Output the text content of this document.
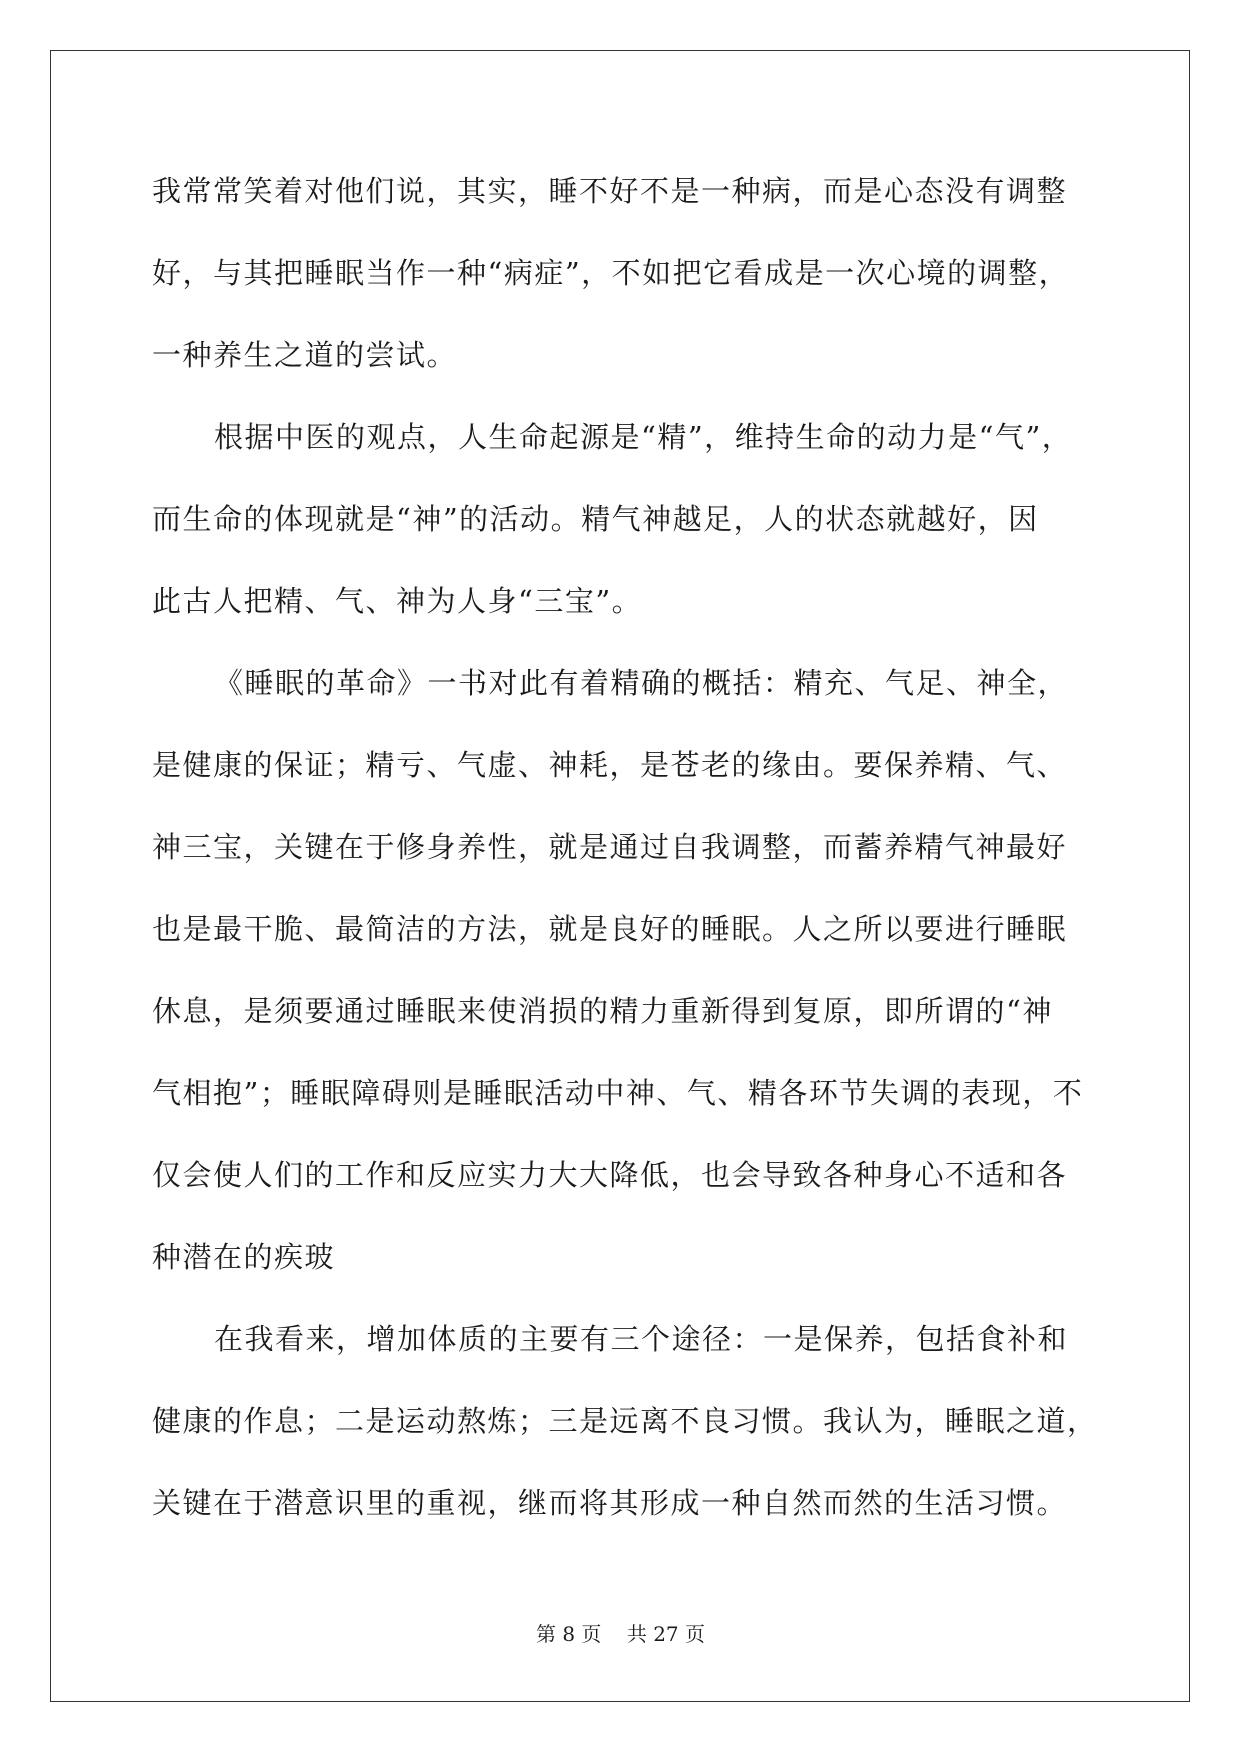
我常常笑着对他们说，其实，睡不好不是一种病，而是心态没有调整
好，与其把睡眠当作一种“病症”，不如把它看成是一次心境的调整，
一种养生之道的尝试。
根据中医的观点，人生命起源是“精”，维持生命的动力是“气”，
而生命的体现就是“神”的活动。精气神越足，人的状态就越好，因
此古人把精、气、神为人身“三宝”。
《睡眠的革命》一书对此有着精确的概括：精充、气足、神全，
是健康的保证；精亏、气虚、神耗，是苍老的缘由。要保养精、气、
神三宝，关键在于修身养性，就是通过自我调整，而蓄养精气神最好
也是最干脆、最简洁的方法，就是良好的睡眠。人之所以要进行睡眠
休息，是须要通过睡眠来使消损的精力重新得到复原，即所谓的“神
气相抱”；睡眠障碍则是睡眠活动中神、气、精各环节失调的表现，不
仅会使人们的工作和反应实力大大降低，也会导致各种身心不适和各
种潜在的疾玻
在我看来，增加体质的主要有三个途径：一是保养，包括食补和
健康的作息；二是运动熬炼；三是远离不良习惯。我认为，睡眠之道，
关键在于潜意识里的重视，继而将其形成一种自然而然的生活习惯。
第 8 页    共 27 页
